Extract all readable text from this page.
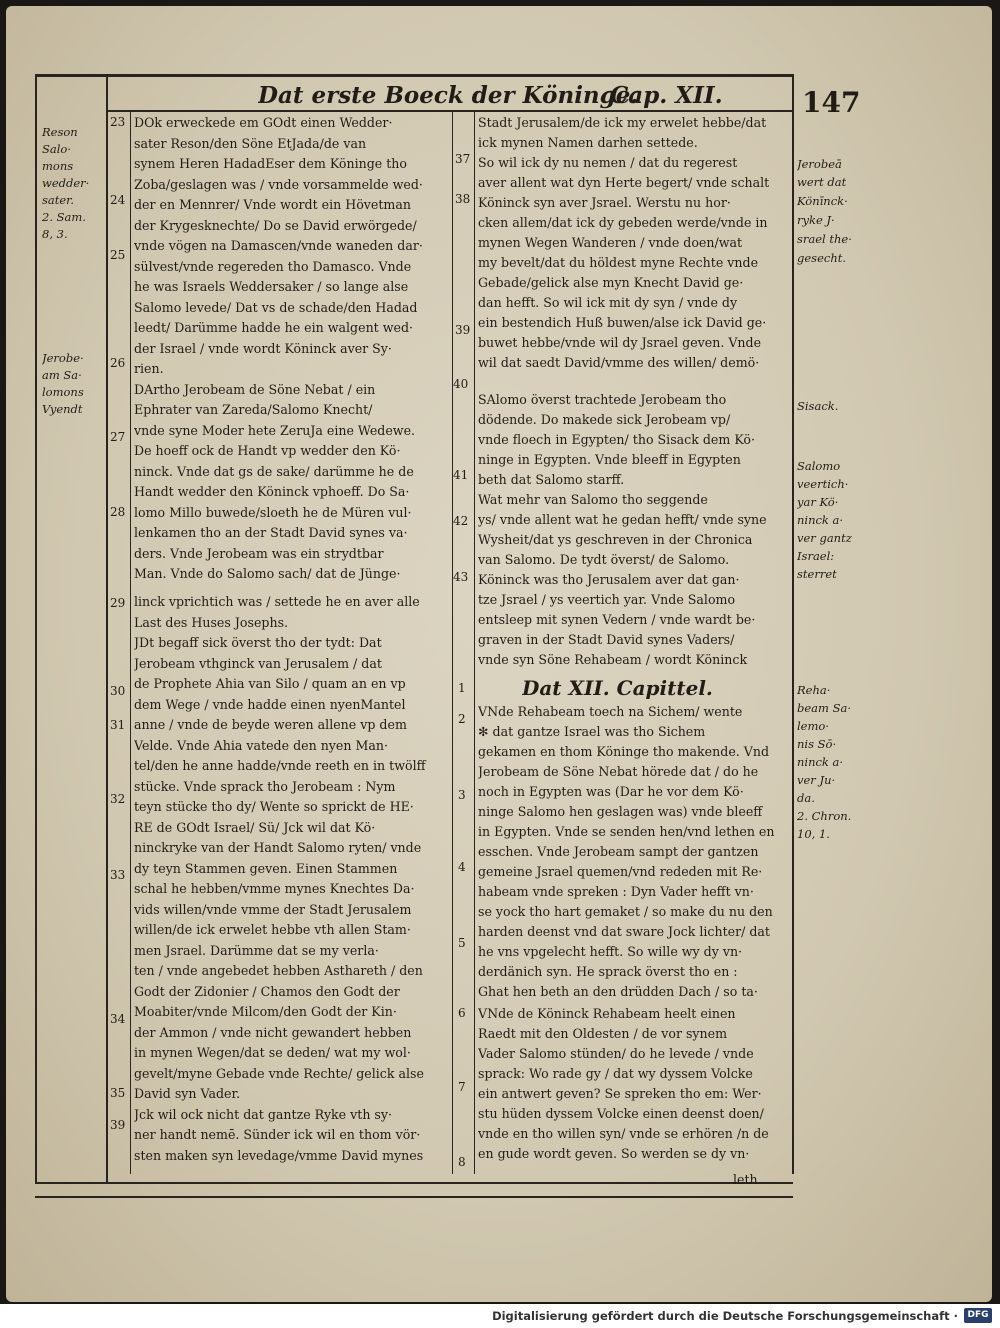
Dat erste Boeck der Köninge.
Cap. XII.	147
Reson
Salo·
mons
wedder·
sater.
2. Sam.
8, 3.
Jerobe·
am Sa·
lomons
Vyendt
Jerobeā
wert dat
Könīnck·
ryke J·
srael the·
gesecht.
Sisack.
Salomo
veertich·
yar Kö·
ninck a·
ver gantz
Israel:
sterret
Reha·
beam Sa·
lemo·
nis Sō·
ninck a·
ver Ju·
da.
2. Chron.
10, 1.
23
24
25
26
27
28
29
30
31
32
33
34
35
39
37
38
39
40
41
42
43
1
2
3
4
5
6
7
8
DOk erweckede em GOdt einen Wedder·
sater Reson/den Söne EtJada/de van
synem Heren HadadEser dem Köninge tho
Zoba/geslagen was / vnde vorsammelde wed·
der en Mennrer/ Vnde wordt ein Hövetman
der Krygesknechte/ Do se David erwörgede/
vnde vögen na Damascen/vnde waneden dar·
sülvest/vnde regereden tho Damasco. Vnde
he was Israels Weddersaker / so lange alse
Salomo levede/ Dat vs de schade/den Hadad
leedt/ Darümme hadde he ein walgent wed·
der Israel / vnde wordt Köninck aver Sy·
rien.
DArtho Jerobeam de Söne Nebat / ein
Ephrater van Zareda/Salomo Knecht/
vnde syne Moder hete ZeruJa eine Wedewe.
De hoeff ock de Handt vp wedder den Kö·
ninck. Vnde dat gs de sake/ darümme he de
Handt wedder den Köninck vphoeff. Do Sa·
lomo Millo buwede/sloeth he de Müren vul·
lenkamen tho an der Stadt David synes va·
ders. Vnde Jerobeam was ein strydtbar
Man. Vnde do Salomo sach/ dat de Jünge·
linck vprichtich was / settede he en aver alle
Last des Huses Josephs.
JDt begaff sick överst tho der tydt: Dat
Jerobeam vthginck van Jerusalem / dat
de Prophete Ahia van Silo / quam an en vp
dem Wege / vnde hadde einen nyenMantel
anne / vnde de beyde weren allene vp dem
Velde. Vnde Ahia vatede den nyen Man·
tel/den he anne hadde/vnde reeth en in twölff
stücke. Vnde sprack tho Jerobeam : Nym
teyn stücke tho dy/ Wente so sprickt de HE·
RE de GOdt Israel/ Sü/ Jck wil dat Kö·
ninckryke van der Handt Salomo ryten/ vnde
dy teyn Stammen geven. Einen Stammen
schal he hebben/vmme mynes Knechtes Da·
vids willen/vnde vmme der Stadt Jerusalem
willen/de ick erwelet hebbe vth allen Stam·
men Jsrael. Darümme dat se my verla·
ten / vnde angebedet hebben Asthareth / den
Godt der Zidonier / Chamos den Godt der
Moabiter/vnde Milcom/den Godt der Kin·
der Ammon / vnde nicht gewandert hebben
in mynen Wegen/dat se deden/ wat my wol·
gevelt/myne Gebade vnde Rechte/ gelick alse
David syn Vader.
Jck wil ock nicht dat gantze Ryke vth sy·
ner handt nemē. Sünder ick wil en thom vör·
sten maken syn levedage/vmme David mynes
Stadt Jerusalem/de ick my erwelet hebbe/dat
ick mynen Namen darhen settede.
So wil ick dy nu nemen / dat du regerest
aver allent wat dyn Herte begert/ vnde schalt
Köninck syn aver Jsrael. Werstu nu hor·
cken allem/dat ick dy gebeden werde/vnde in
mynen Wegen Wanderen / vnde doen/wat
my bevelt/dat du höldest myne Rechte vnde
Gebade/gelick alse myn Knecht David ge·
dan hefft. So wil ick mit dy syn / vnde dy
ein bestendich Huß buwen/alse ick David ge·
buwet hebbe/vnde wil dy Jsrael geven. Vnde
wil dat saedt David/vmme des willen/ demö·
SAlomo överst trachtede Jerobeam tho
dödende. Do makede sick Jerobeam vp/
vnde floech in Egypten/ tho Sisack dem Kö·
ninge in Egypten. Vnde bleeff in Egypten
beth dat Salomo starff.
Wat mehr van Salomo tho seggende
ys/ vnde allent wat he gedan hefft/ vnde syne
Wysheit/dat ys geschreven in der Chronica
van Salomo. De tydt överst/ de Salomo.
Köninck was tho Jerusalem aver dat gan·
tze Jsrael / ys veertich yar. Vnde Salomo
entsleep mit synen Vedern / vnde wardt be·
graven in der Stadt David synes Vaders/
vnde syn Söne Rehabeam / wordt Köninck
Dat XII. Capittel.
VNde Rehabeam toech na Sichem/ wente
✻ dat gantze Israel was tho Sichem
gekamen en thom Köninge tho makende. Vnd
Jerobeam de Söne Nebat hörede dat / do he
noch in Egypten was (Dar he vor dem Kö·
ninge Salomo hen geslagen was) vnde bleeff
in Egypten. Vnde se senden hen/vnd lethen en
esschen. Vnde Jerobeam sampt der gantzen
gemeine Jsrael quemen/vnd rededen mit Re·
habeam vnde spreken : Dyn Vader hefft vn·
se yock tho hart gemaket / so make du nu den
harden deenst vnd dat sware Jock lichter/ dat
he vns vpgelecht hefft. So wille wy dy vn·
derdänich syn. He sprack överst tho en :
Ghat hen beth an den drüdden Dach / so ta·
VNde de Köninck Rehabeam heelt einen
Raedt mit den Oldesten / de vor synem
Vader Salomo stünden/ do he levede / vnde
sprack: Wo rade gy / dat wy dyssem Volcke
ein antwert geven? Se spreken tho em: Wer·
stu hüden dyssem Volcke einen deenst doen/
vnde en tho willen syn/ vnde se erhören /n de
en gude wordt geven. So werden se dy vn·
leth
Digitalisierung gefördert durch die Deutsche Forschungsgemeinschaft ·	DFG
